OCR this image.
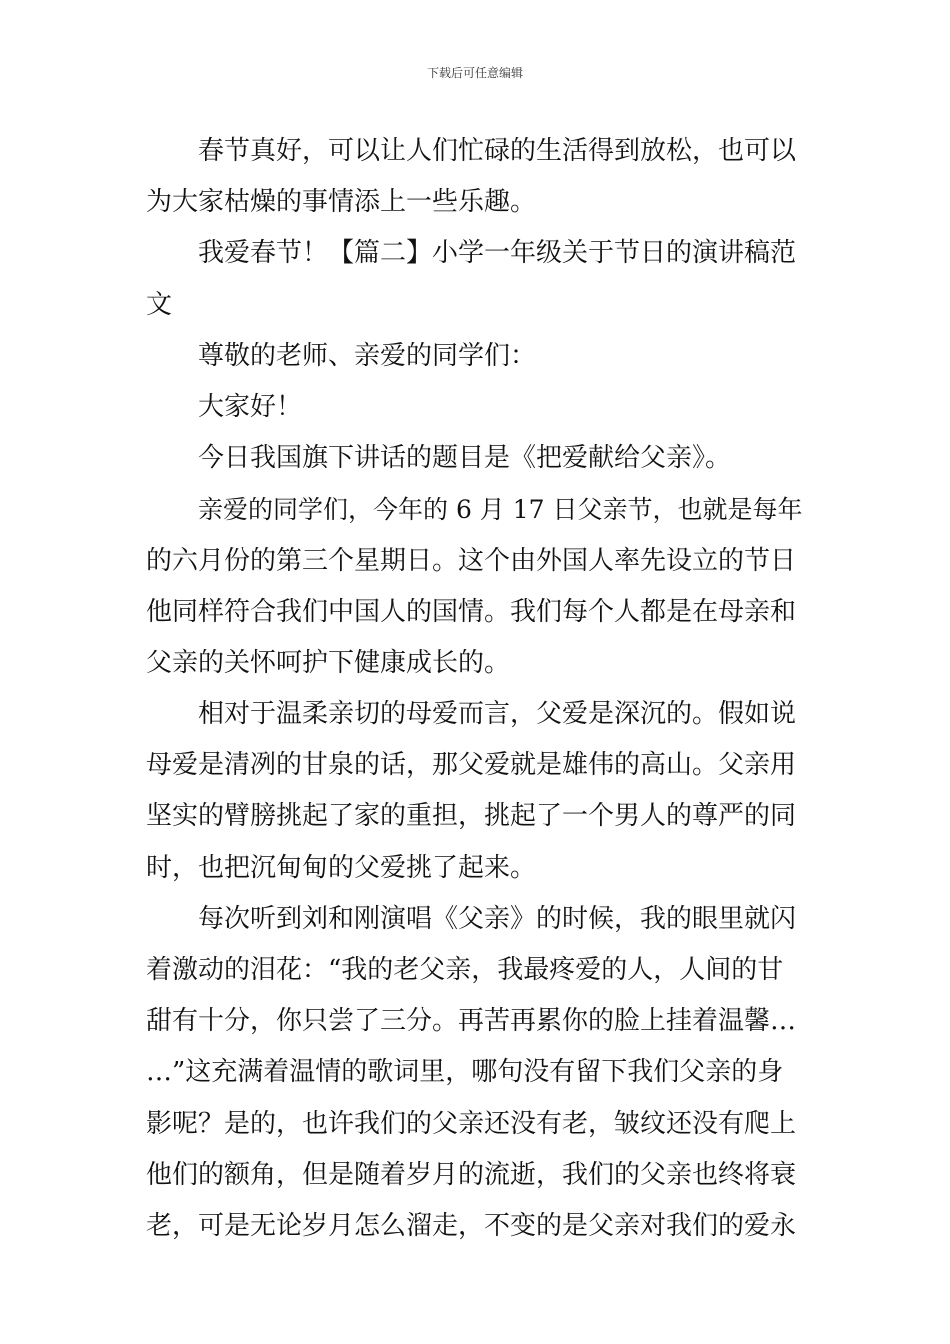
下载后可任意编辑
春节真好，可以让人们忙碌的生活得到放松，也可以
为大家枯燥的事情添上一些乐趣。
我爱春节！【篇二】小学一年级关于节日的演讲稿范
文
尊敬的老师、亲爱的同学们：
大家好！
今日我国旗下讲话的题目是《把爱献给父亲》。
亲爱的同学们，今年的 6 月 17 日父亲节，也就是每年
的六月份的第三个星期日。这个由外国人率先设立的节日
他同样符合我们中国人的国情。我们每个人都是在母亲和
父亲的关怀呵护下健康成长的。
相对于温柔亲切的母爱而言，父爱是深沉的。假如说
母爱是清冽的甘泉的话，那父爱就是雄伟的高山。父亲用
坚实的臂膀挑起了家的重担，挑起了一个男人的尊严的同
时，也把沉甸甸的父爱挑了起来。
每次听到刘和刚演唱《父亲》的时候，我的眼里就闪
着激动的泪花：“我的老父亲，我最疼爱的人，人间的甘
甜有十分，你只尝了三分。再苦再累你的脸上挂着温馨…
…”这充满着温情的歌词里，哪句没有留下我们父亲的身
影呢？是的，也许我们的父亲还没有老，皱纹还没有爬上
他们的额角，但是随着岁月的流逝，我们的父亲也终将衰
老，可是无论岁月怎么溜走，不变的是父亲对我们的爱永
